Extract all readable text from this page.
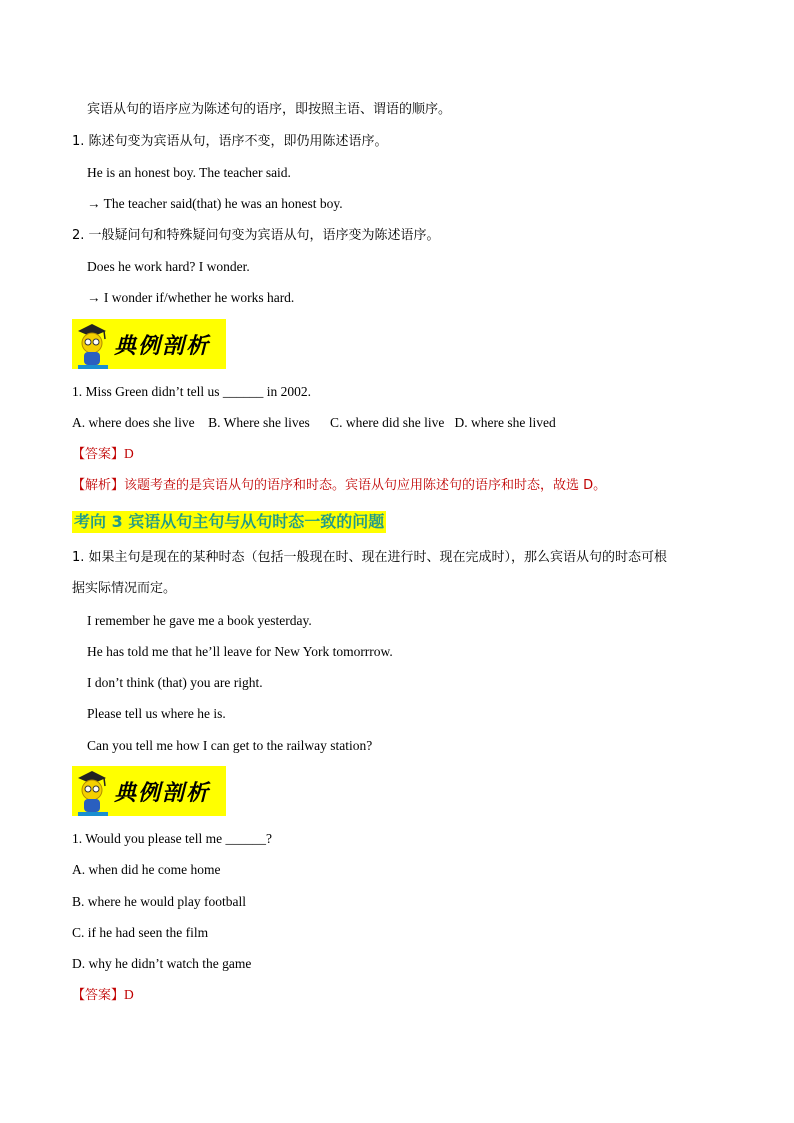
宾语从句的语序应为陈述句的语序，即按照主语、谓语的顺序。
1. 陈述句变为宾语从句，语序不变，即仍用陈述语序。
He is an honest boy. The teacher said.
→ The teacher said(that) he was an honest boy.
2. 一般疑问句和特殊疑问句变为宾语从句，语序变为陈述语序。
Does he work hard? I wonder.
→ I wonder if/whether he works hard.
典例剖析
1. Miss Green didn’t tell us ______ in 2002.
A. where does she live    B. Where she lives      C. where did she live   D. where she lived
【答案】D
【解析】该题考查的是宾语从句的语序和时态。宾语从句应用陈述句的语序和时态，故选 D。
考向 3 宾语从句主句与从句时态一致的问题
1. 如果主句是现在的某种时态（包括一般现在时、现在进行时、现在完成时），那么宾语从句的时态可根
据实际情况而定。
I remember he gave me a book yesterday.
He has told me that he’ll leave for New York tomorrrow.
I don’t think (that) you are right.
Please tell us where he is.
Can you tell me how I can get to the railway station?
典例剖析
1. Would you please tell me ______?
A. when did he come home
B. where he would play football
C. if he had seen the film
D. why he didn’t watch the game
【答案】D
